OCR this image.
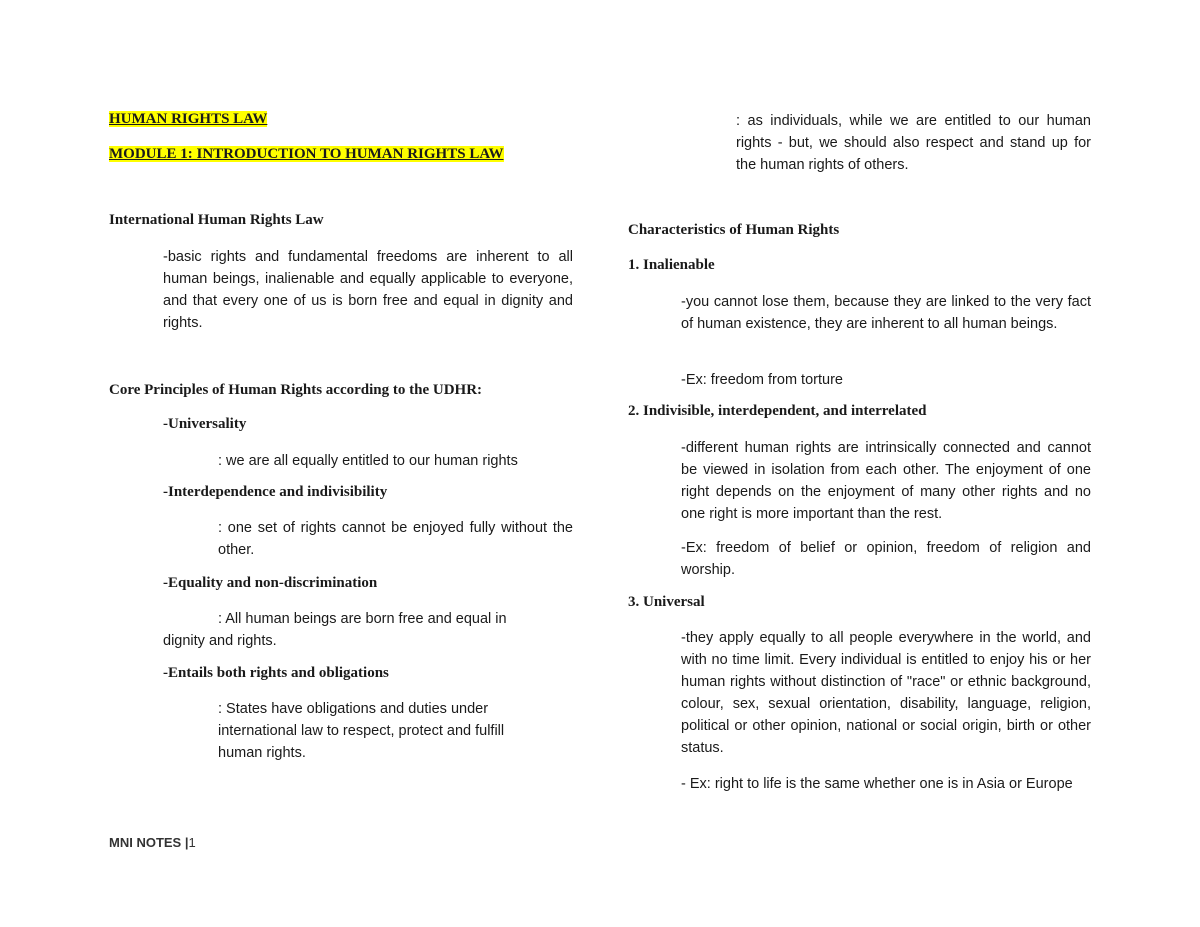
HUMAN RIGHTS LAW
MODULE 1: INTRODUCTION TO HUMAN RIGHTS LAW
International Human Rights Law
-basic rights and fundamental freedoms are inherent to all human beings, inalienable and equally applicable to everyone, and that every one of us is born free and equal in dignity and rights.
Core Principles of Human Rights according to the UDHR:

-Universality

: we are all equally entitled to our human rights

-Interdependence and indivisibility

: one set of rights cannot be enjoyed fully without the other.

-Equality and non-discrimination

: All human beings are born free and equal in
dignity and rights.

-Entails both rights and obligations

: States have obligations and duties under
international law to respect, protect and fulfill
human rights.
: as individuals, while we are entitled to our human rights - but, we should also respect and stand up for the human rights of others.
Characteristics of Human Rights

1. Inalienable

-you cannot lose them, because they are linked to the very fact of human existence, they are inherent to all human beings.
-Ex: freedom from torture

2. Indivisible, interdependent, and interrelated

-different human rights are intrinsically connected and cannot be viewed in isolation from each other. The enjoyment of one right depends on the enjoyment of many other rights and no one right is more important than the rest.
-Ex: freedom of belief or opinion, freedom of religion and worship.

3. Universal

-they apply equally to all people everywhere in the world, and with no time limit. Every individual is entitled to enjoy his or her human rights without distinction of "race" or ethnic background, colour, sex, sexual orientation, disability, language, religion, political or other opinion, national or social origin, birth or other status.
- Ex: right to life is the same whether one is in Asia or Europe
MNI NOTES |1
